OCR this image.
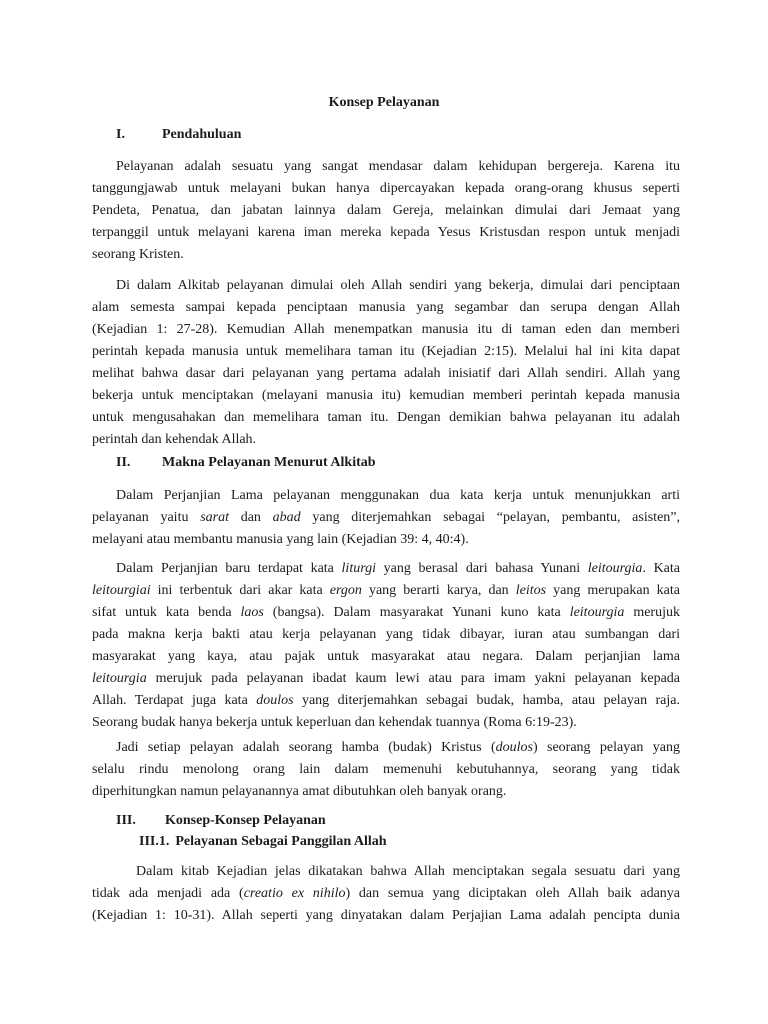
Konsep Pelayanan
I.	Pendahuluan
Pelayanan adalah sesuatu yang sangat mendasar dalam kehidupan bergereja. Karena itu
tanggungjawab untuk melayani bukan hanya dipercayakan kepada orang-orang khusus seperti
Pendeta, Penatua, dan jabatan lainnya dalam Gereja, melainkan dimulai dari Jemaat yang
terpanggil untuk melayani karena iman mereka kepada Yesus Kristusdan respon untuk menjadi
seorang Kristen.
Di dalam Alkitab pelayanan dimulai oleh Allah sendiri yang bekerja, dimulai dari penciptaan
alam semesta sampai kepada penciptaan manusia yang segambar dan serupa dengan Allah
(Kejadian 1: 27-28). Kemudian Allah menempatkan manusia itu di taman eden dan memberi
perintah kepada manusia untuk memelihara taman itu (Kejadian 2:15). Melalui hal ini kita dapat
melihat bahwa dasar dari pelayanan yang pertama adalah inisiatif dari Allah sendiri. Allah yang
bekerja untuk menciptakan (melayani manusia itu) kemudian memberi perintah kepada manusia
untuk mengusahakan dan memelihara taman itu. Dengan demikian bahwa pelayanan itu adalah
perintah dan kehendak Allah.
II. Makna Pelayanan Menurut Alkitab
Dalam Perjanjian Lama pelayanan menggunakan dua kata kerja untuk menunjukkan arti
pelayanan yaitu sarat dan abad yang diterjemahkan sebagai “pelayan, pembantu, asisten”,
melayani atau membantu manusia yang lain (Kejadian 39: 4, 40:4).
Dalam Perjanjian baru terdapat kata liturgi yang berasal dari bahasa Yunani leitourgia. Kata
leitourgiai ini terbentuk dari akar kata ergon yang berarti karya, dan leitos yang merupakan kata
sifat untuk kata benda laos (bangsa). Dalam masyarakat Yunani kuno kata leitourgia merujuk
pada makna kerja bakti atau kerja pelayanan yang tidak dibayar, iuran atau sumbangan dari
masyarakat yang kaya, atau pajak untuk masyarakat atau negara. Dalam perjanjian lama
leitourgia merujuk pada pelayanan ibadat kaum lewi atau para imam yakni pelayanan kepada
Allah. Terdapat juga kata doulos yang diterjemahkan sebagai budak, hamba, atau pelayan raja.
Seorang budak hanya bekerja untuk keperluan dan kehendak tuannya (Roma 6:19-23).
Jadi setiap pelayan adalah seorang hamba (budak) Kristus (doulos) seorang pelayan yang
selalu rindu menolong orang lain dalam memenuhi kebutuhannya, seorang yang tidak
diperhitungkan namun pelayanannya amat dibutuhkan oleh banyak orang.
III. Konsep-Konsep Pelayanan
III.1. Pelayanan Sebagai Panggilan Allah
Dalam kitab Kejadian jelas dikatakan bahwa Allah menciptakan segala sesuatu dari yang
tidak ada menjadi ada (creatio ex nihilo) dan semua yang diciptakan oleh Allah baik adanya
(Kejadian 1: 10-31). Allah seperti yang dinyatakan dalam Perjajian Lama adalah pencipta dunia
